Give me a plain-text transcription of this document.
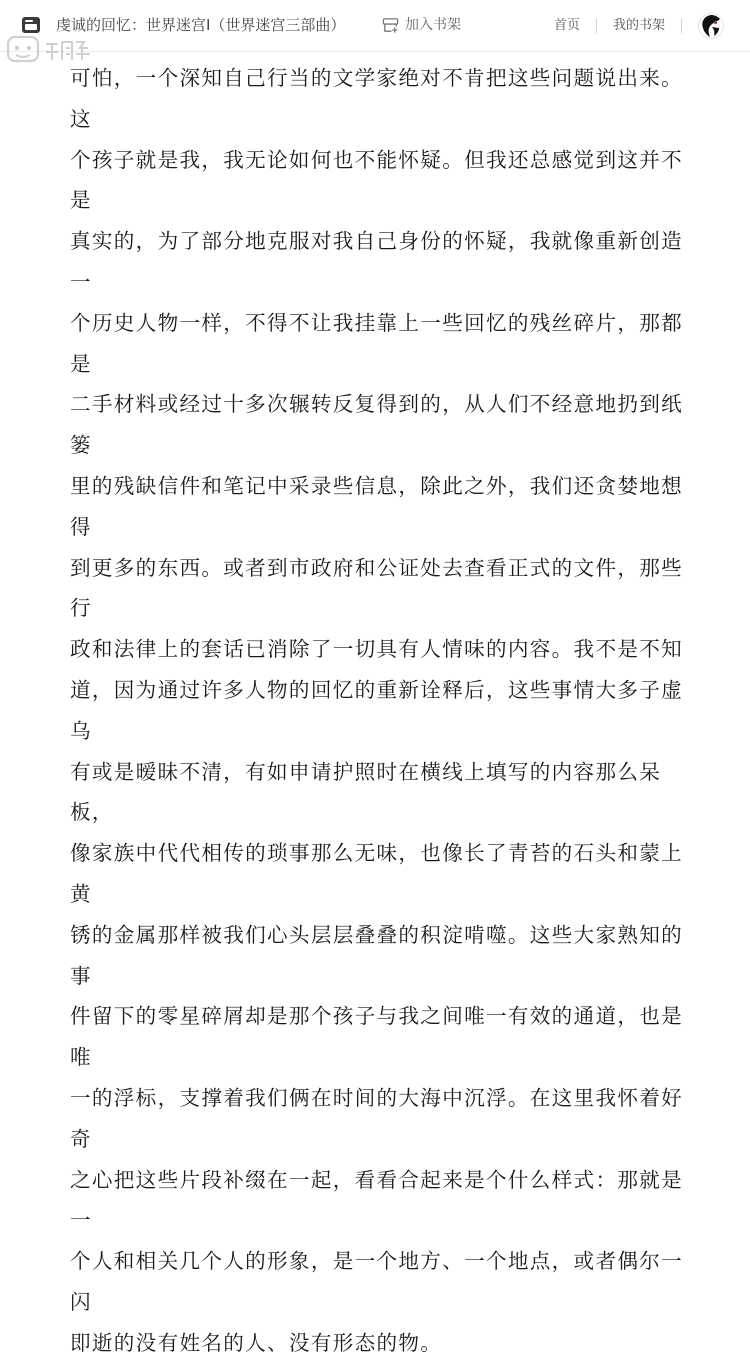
虔诚的回忆：世界迷宫I（世界迷宫三部曲）	加入书架	首页	我的书架

可怕，一个深知自己行当的文学家绝对不肯把这些问题说出来。这
个孩子就是我，我无论如何也不能怀疑。但我还总感觉到这并不是
真实的，为了部分地克服对我自己身份的怀疑，我就像重新创造一
个历史人物一样，不得不让我挂靠上一些回忆的残丝碎片，那都是
二手材料或经过十多次辗转反复得到的，从人们不经意地扔到纸篓
里的残缺信件和笔记中采录些信息，除此之外，我们还贪婪地想得
到更多的东西。或者到市政府和公证处去查看正式的文件，那些行
政和法律上的套话已消除了一切具有人情味的内容。我不是不知
道，因为通过许多人物的回忆的重新诠释后，这些事情大多子虚乌
有或是暧昧不清，有如申请护照时在横线上填写的内容那么呆板，
像家族中代代相传的琐事那么无味，也像长了青苔的石头和蒙上黄
锈的金属那样被我们心头层层叠叠的积淀啃噬。这些大家熟知的事
件留下的零星碎屑却是那个孩子与我之间唯一有效的通道，也是唯
一的浮标，支撑着我们俩在时间的大海中沉浮。在这里我怀着好奇
之心把这些片段补缀在一起，看看合起来是个什么样式：那就是一
个人和相关几个人的形象，是一个地方、一个地点，或者偶尔一闪
即逝的没有姓名的人、没有形态的物。
